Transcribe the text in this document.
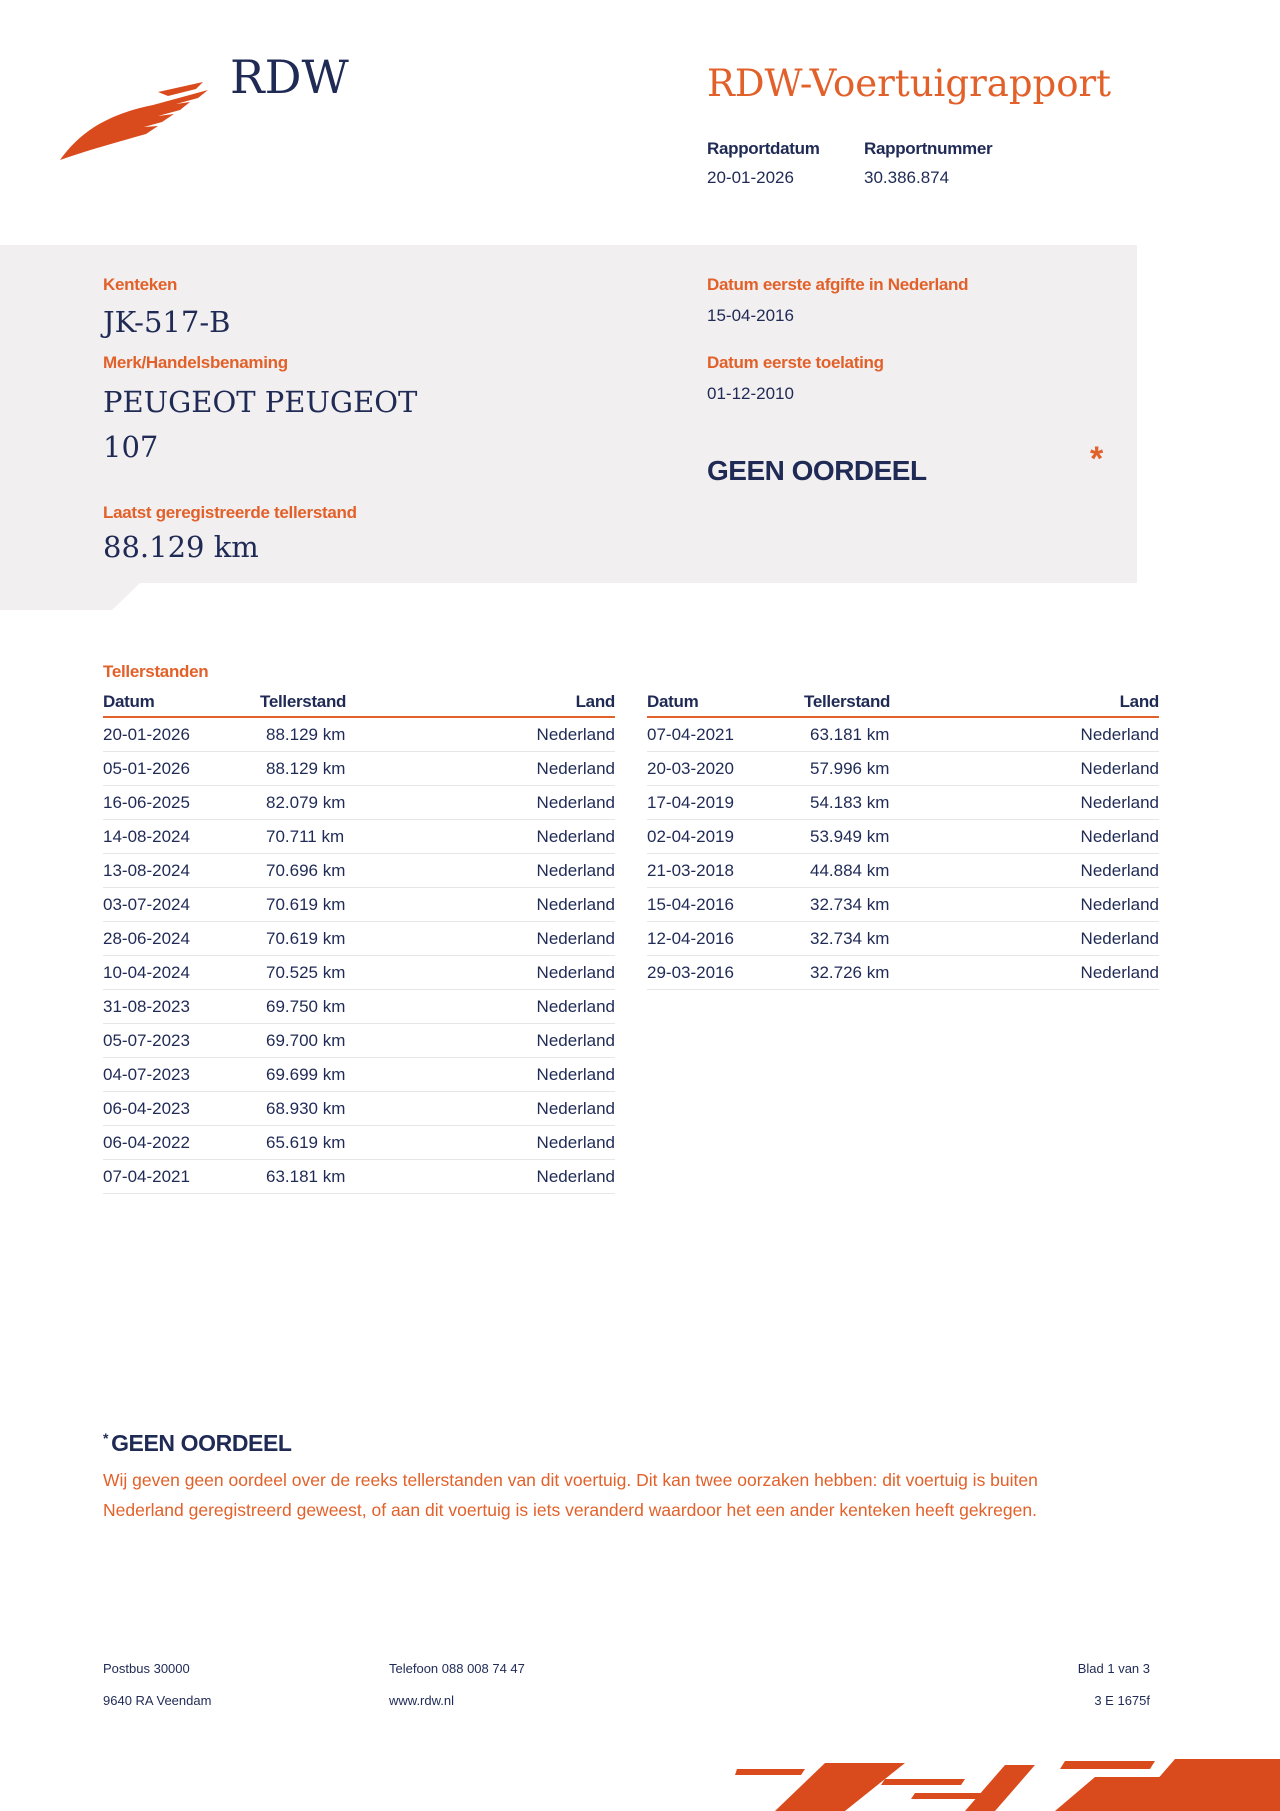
RDW	RDW-Voertuigrapport
Rapportdatum
20-01-2026
Rapportnummer
30.386.874
Kenteken
JK-517-B
Merk/Handelsbenaming
PEUGEOT PEUGEOT
107
Laatst geregistreerde tellerstand
88.129 km
Datum eerste afgifte in Nederland
15-04-2016
Datum eerste toelating
01-12-2010
GEEN OORDEEL	*
Tellerstanden
Datum	Tellerstand	Land
20-01-2026	88.129 km	Nederland
05-01-2026	88.129 km	Nederland
16-06-2025	82.079 km	Nederland
14-08-2024	70.711 km	Nederland
13-08-2024	70.696 km	Nederland
03-07-2024	70.619 km	Nederland
28-06-2024	70.619 km	Nederland
10-04-2024	70.525 km	Nederland
31-08-2023	69.750 km	Nederland
05-07-2023	69.700 km	Nederland
04-07-2023	69.699 km	Nederland
06-04-2023	68.930 km	Nederland
06-04-2022	65.619 km	Nederland
07-04-2021	63.181 km	Nederland
Datum	Tellerstand	Land
07-04-2021	63.181 km	Nederland
20-03-2020	57.996 km	Nederland
17-04-2019	54.183 km	Nederland
02-04-2019	53.949 km	Nederland
21-03-2018	44.884 km	Nederland
15-04-2016	32.734 km	Nederland
12-04-2016	32.734 km	Nederland
29-03-2016	32.726 km	Nederland
* GEEN OORDEEL
Wij geven geen oordeel over de reeks tellerstanden van dit voertuig. Dit kan twee oorzaken hebben: dit voertuig is buiten Nederland geregistreerd geweest, of aan dit voertuig is iets veranderd waardoor het een ander kenteken heeft gekregen.
Postbus 30000
9640 RA Veendam
Telefoon 088 008 74 47
www.rdw.nl
Blad 1 van 3
3 E 1675f
